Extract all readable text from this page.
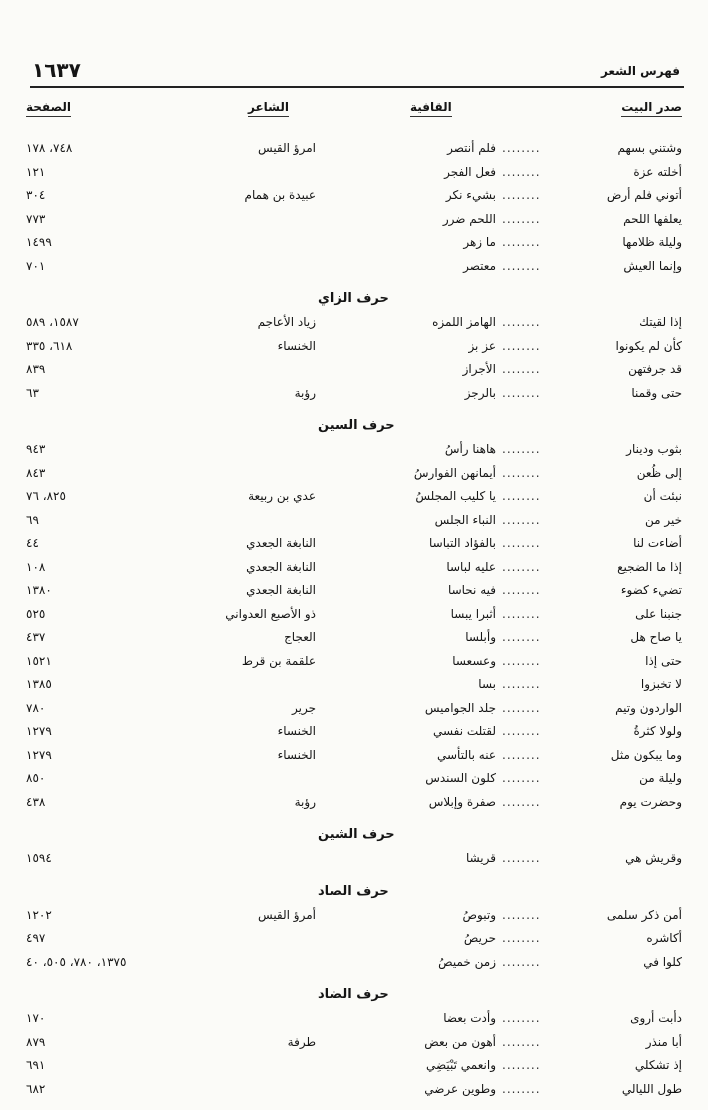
١٦٣٧	فهرس الشعر
صدر البيت
القافية
الشاعر
الصفحة
وشتني بسهم
........
فلم أنتصر
امرؤ القيس
٧٤٨، ١٧٨
أخلته عزة
........
فعل الفجر
١٢١
أتوني فلم أرض
........
بشيء نكر
عبيدة بن همام
٣٠٤
يعلفها اللحم
........
اللحم ضرر
٧٧٣
وليلة ظلامها
........
ما زهر
١٤٩٩
وإنما العيش
........
معتصر
٧٠١
حرف الزاي
إذا لقيتك
........
الهامز اللمزه
زياد الأعاجم
١٥٨٧، ٥٨٩
كأن لم يكونوا
........
عز بز
الخنساء
٦١٨، ٣٣٥
قد جرفتهن
........
الأجراز
٨٣٩
حتى وقمنا
........
بالرجز
رؤبة
٦٣
حرف السين
بثوب ودينار
........
هاهنا رأسُ
٩٤٣
إلى ظُعن
........
أيمانهن الفوارسُ
٨٤٣
نبئت أن
........
يا كليب المجلسُ
عدي بن ربيعة
٨٢٥، ٧٦
خير من
........
النباء الجلس
٦٩
أضاءت لنا
........
بالفؤاد التباسا
النابغة الجعدي
٤٤
إذا ما الضجيع
........
عليه لباسا
النابغة الجعدي
١٠٨
تضيء كضوء
........
فيه نحاسا
النابغة الجعدي
١٣٨٠
جنبنا على
........
أثبرا يبسا
ذو الأصبع العدواني
٥٢٥
يا صاح هل
........
وأبلسا
العجاج
٤٣٧
حتى إذا
........
وعسعسا
علقمة بن قرط
١٥٢١
لا تخبزوا
........
بسا
١٣٨٥
الواردون وتيم
........
جلد الجواميس
جرير
٧٨٠
ولولا كثرةُ
........
لقتلت نفسي
الخنساء
١٢٧٩
وما يبكون مثل
........
عنه بالتأسي
الخنساء
١٢٧٩
وليلة من
........
كلون السندس
٨٥٠
وحضرت يوم
........
صفرة وإبلاس
رؤبة
٤٣٨
حرف الشين
وقريش هي
........
قريشا
١٥٩٤
حرف الصاد
أمن ذكر سلمى
........
وتبوصُ
أمرؤ القيس
١٢٠٢
أكاشره
........
حريصُ
٤٩٧
كلوا في
........
زمن خميصُ
١٣٧٥، ٧٨٠، ٥٠٥، ٤٠
حرف الضاد
دأبت أروى
........
وأدت بعضا
١٧٠
أبا منذر
........
أهون من بعض
طرفة
٨٧٩
إذ تشكلي
........
وانعمي تَبْيَضِي
٦٩١
طول الليالي
........
وطوين عرضي
٦٨٢
